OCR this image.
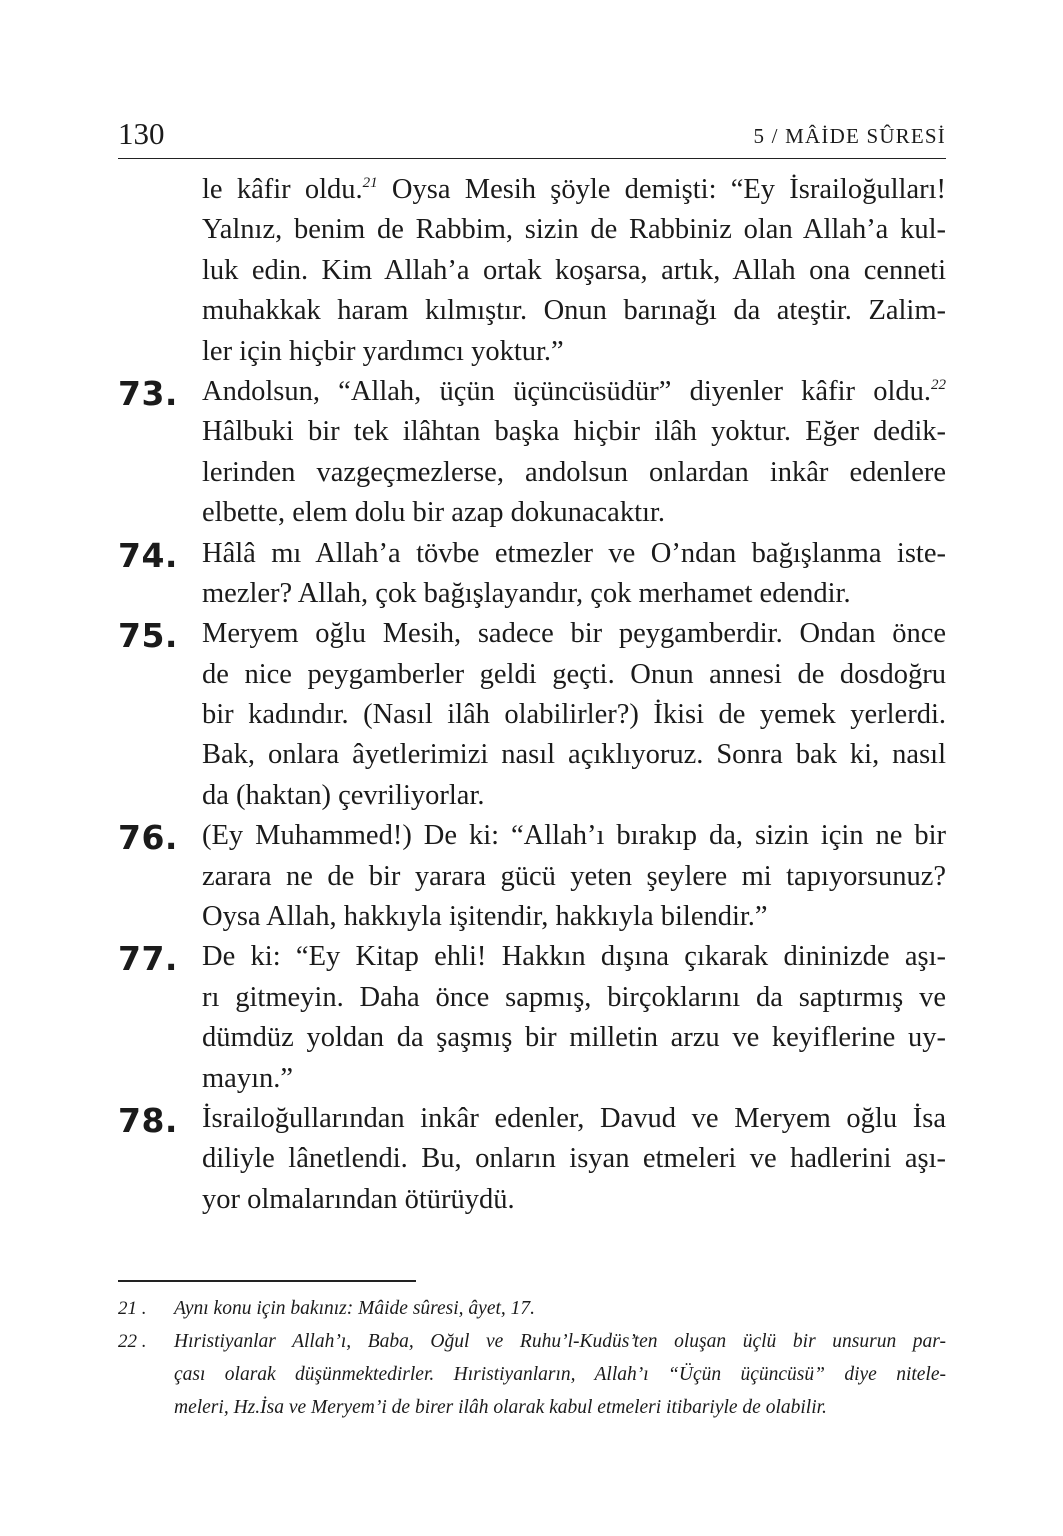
130	5 / MÂİDE SÛRESİ
le kâfir oldu.$^{21}$ Oysa Mesih şöyle demişti: “Ey İsrailoğulları!
Yalnız, benim de Rabbim, sizin de Rabbiniz olan Allah’a kul-
luk edin. Kim Allah’a ortak koşarsa, artık, Allah ona cenneti
muhakkak haram kılmıştır. Onun barınağı da ateştir. Zalim-
ler için hiçbir yardımcı yoktur.”
73. Andolsun, “Allah, üçün üçüncüsüdür” diyenler kâfir oldu.$^{22}$
Hâlbuki bir tek ilâhtan başka hiçbir ilâh yoktur. Eğer dedik-
lerinden vazgeçmezlerse, andolsun onlardan inkâr edenlere
elbette, elem dolu bir azap dokunacaktır.
74. Hâlâ mı Allah’a tövbe etmezler ve O’ndan bağışlanma iste-
mezler? Allah, çok bağışlayandır, çok merhamet edendir.
75. Meryem oğlu Mesih, sadece bir peygamberdir. Ondan önce
de nice peygamberler geldi geçti. Onun annesi de dosdoğru
bir kadındır. (Nasıl ilâh olabilirler?) İkisi de yemek yerlerdi.
Bak, onlara âyetlerimizi nasıl açıklıyoruz. Sonra bak ki, nasıl
da (haktan) çevriliyorlar.
76. (Ey Muhammed!) De ki: “Allah’ı bırakıp da, sizin için ne bir
zarara ne de bir yarara gücü yeten şeylere mi tapıyorsunuz?
Oysa Allah, hakkıyla işitendir, hakkıyla bilendir.”
77. De ki: “Ey Kitap ehli! Hakkın dışına çıkarak dininizde aşı-
rı gitmeyin. Daha önce sapmış, birçoklarını da saptırmış ve
dümdüz yoldan da şaşmış bir milletin arzu ve keyiflerine uy-
mayın.”
78. İsrailoğullarından inkâr edenler, Davud ve Meryem oğlu İsa
diliyle lânetlendi. Bu, onların isyan etmeleri ve hadlerini aşı-
yor olmalarından ötürüydü.
21 . Aynı konu için bakınız: Mâide sûresi, âyet, 17.
22 . Hıristiyanlar Allah’ı, Baba, Oğul ve Ruhu’l-Kudüs’ten oluşan üçlü bir unsurun par-
çası olarak düşünmektedirler. Hıristiyanların, Allah’ı “Üçün üçüncüsü” diye nitele-
meleri, Hz.İsa ve Meryem’i de birer ilâh olarak kabul etmeleri itibariyle de olabilir.
